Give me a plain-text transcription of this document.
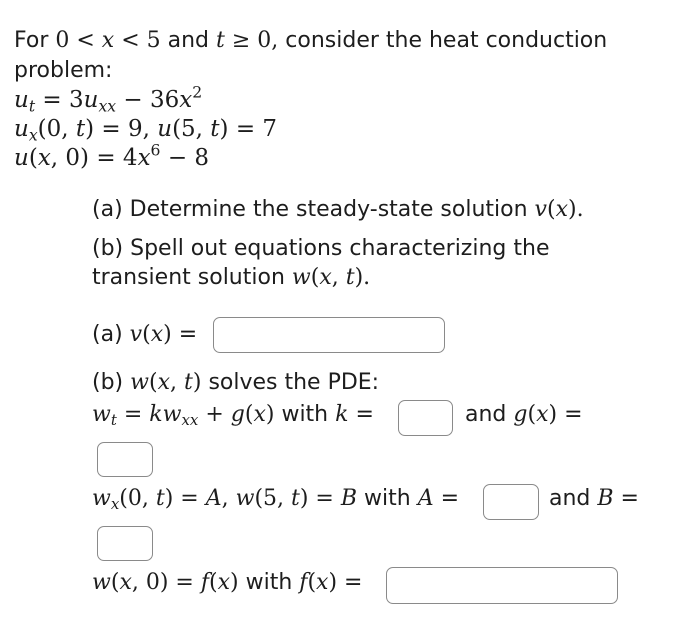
For 0 < x < 5 and t ≥ 0, consider the heat conduction
problem:
$u_t = 3u_{xx} - 36x^2$
$u_x(0$, t) = 9, u(5, t) = 7
u(x, $0) = 4x^6 - 8$
(a) Determine the steady-state solution v(x).
(b) Spell out equations characterizing the
transient solution w(x, t).
(a) v(x) =
(b) w(x, t) solves the PDE:
$w_t = kw_{xx} + g(x)$ with k =	and g(x) =
$w_x(0$, t) = A, w(5, t) = B with A =	and B =
w(x, 0) = f(x) with f(x) =
